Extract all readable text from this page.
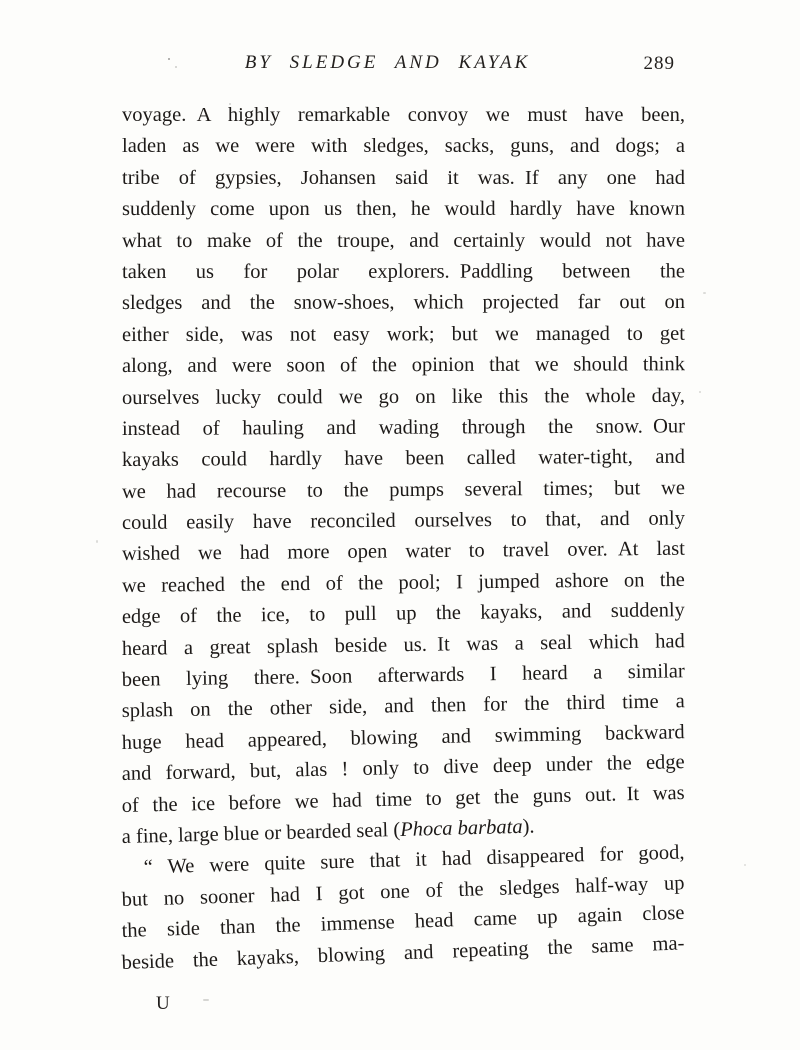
BY SLEDGE AND KAYAK	289
voyage. A highly remarkable convoy we must have been,
laden as we were with sledges, sacks, guns, and dogs; a
tribe of gypsies, Johansen said it was. If any one had
suddenly come upon us then, he would hardly have known
what to make of the troupe, and certainly would not have
taken us for polar explorers. Paddling between the
sledges and the snow-shoes, which projected far out on
either side, was not easy work; but we managed to get
along, and were soon of the opinion that we should think
ourselves lucky could we go on like this the whole day,
instead of hauling and wading through the snow. Our
kayaks could hardly have been called water-tight, and
we had recourse to the pumps several times; but we
could easily have reconciled ourselves to that, and only
wished we had more open water to travel over. At last
we reached the end of the pool; I jumped ashore on the
edge of the ice, to pull up the kayaks, and suddenly
heard a great splash beside us. It was a seal which had
been lying there. Soon afterwards I heard a similar
splash on the other side, and then for the third time a
huge head appeared, blowing and swimming backward
and forward, but, alas ! only to dive deep under the edge
of the ice before we had time to get the guns out. It was
a fine, large blue or bearded seal (Phoca barbata).
“ We were quite sure that it had disappeared for good,
but no sooner had I got one of the sledges half-way up
the side than the immense head came up again close
beside the kayaks, blowing and repeating the same ma-
U
